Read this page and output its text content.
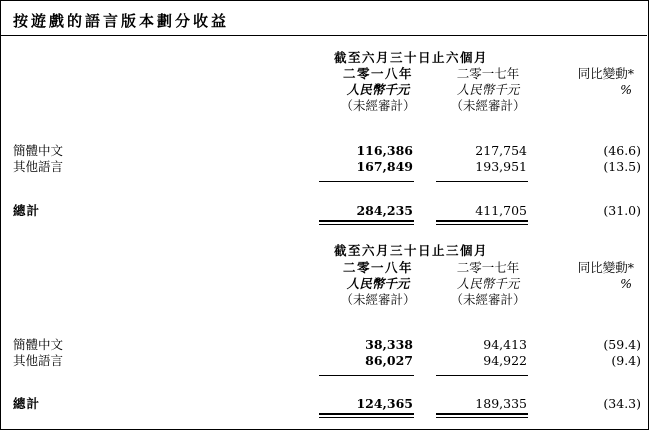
按遊戲的語言版本劃分收益
截至六月三十日止六個月
二零一八年
人民幣千元
（未經審計）
二零一七年
人民幣千元
（未經審計）
同比變動*
%
簡體中文	116,386	217,754	(46.6)
其他語言	167,849	193,951	(13.5)
總計	284,235	411,705	(31.0)
截至六月三十日止三個月
二零一八年
人民幣千元
（未經審計）
二零一七年
人民幣千元
（未經審計）
同比變動*
%
簡體中文	38,338	94,413	(59.4)
其他語言	86,027	94,922	(9.4)
總計	124,365	189,335	(34.3)
